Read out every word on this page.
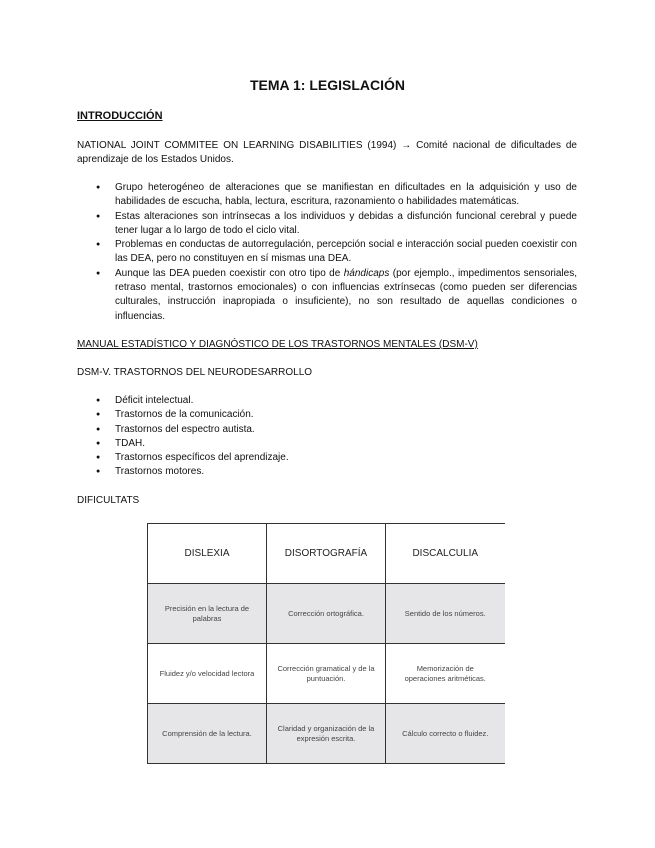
TEMA 1: LEGISLACIÓN
INTRODUCCIÓN
NATIONAL JOINT COMMITEE ON LEARNING DISABILITIES (1994) → Comité nacional de dificultades de aprendizaje de los Estados Unidos.
● Grupo heterogéneo de alteraciones que se manifiestan en dificultades en la adquisición y uso de habilidades de escucha, habla, lectura, escritura, razonamiento o habilidades matemáticas.
● Estas alteraciones son intrínsecas a los individuos y debidas a disfunción funcional cerebral y puede tener lugar a lo largo de todo el ciclo vital.
● Problemas en conductas de autorregulación, percepción social e interacción social pueden coexistir con las DEA, pero no constituyen en sí mismas una DEA.
● Aunque las DEA pueden coexistir con otro tipo de hándicaps (por ejemplo., impedimentos sensoriales, retraso mental, trastornos emocionales) o con influencias extrínsecas (como pueden ser diferencias culturales, instrucción inapropiada o insuficiente), no son resultado de aquellas condiciones o influencias.
MANUAL ESTADÍSTICO Y DIAGNÓSTICO DE LOS TRASTORNOS MENTALES (DSM-V)
DSM-V. TRASTORNOS DEL NEURODESARROLLO
● Déficit intelectual.
● Trastornos de la comunicación.
● Trastornos del espectro autista.
● TDAH.
● Trastornos específicos del aprendizaje.
● Trastornos motores.
DIFICULTATS
DISLEXIA	DISORTOGRAFÍA	DISCALCULIA
Precisión en la lectura de palabras	Corrección ortográfica.	Sentido de los números.
Fluidez y/o velocidad lectora	Corrección gramatical y de la puntuación.	Memorización de operaciones aritméticas.
Comprensión de la lectura.	Claridad y organización de la expresión escrita.	Cálculo correcto o fluidez.
